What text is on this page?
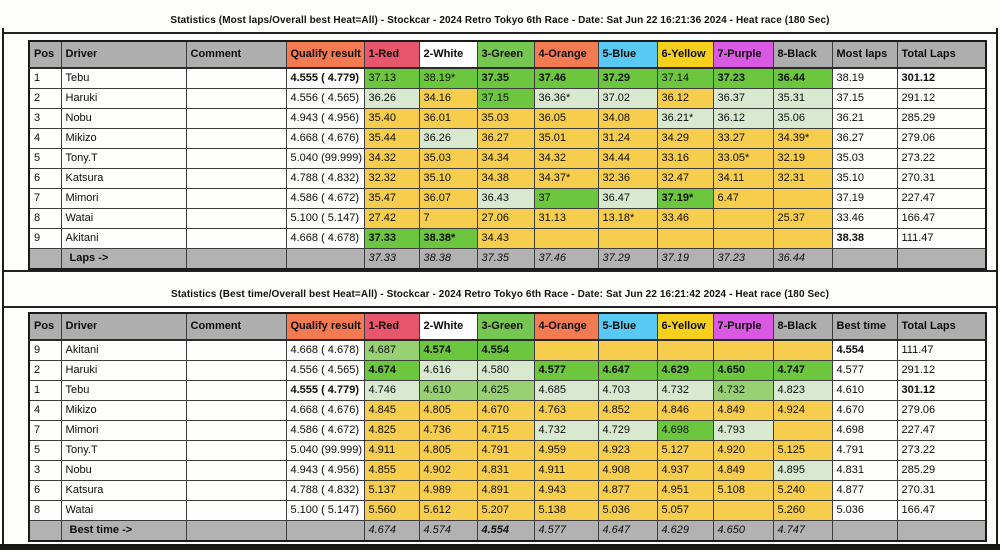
Statistics (Most laps/Overall best Heat=All) - Stockcar - 2024 Retro Tokyo 6th Race - Date: Sat Jun 22 16:21:36 2024 - Heat race (180 Sec)
Pos	Driver	Comment	Qualify result	1-Red	2-White	3-Green	4-Orange	5-Blue	6-Yellow	7-Purple	8-Black	Most laps	Total Laps
1	Tebu		4.555 ( 4.779)	37.13	38.19*	37.35	37.46	37.29	37.14	37.23	36.44	38.19	301.12
2	Haruki		4.556 ( 4.565)	36.26	34.16	37.15	36.36*	37.02	36.12	36.37	35.31	37.15	291.12
3	Nobu		4.943 ( 4.956)	35.40	36.01	35.03	36.05	34.08	36.21*	36.12	35.06	36.21	285.29
4	Mikizo		4.668 ( 4.676)	35.44	36.26	36.27	35.01	31.24	34.29	33.27	34.39*	36.27	279.06
5	Tony.T		5.040 (99.999)	34.32	35.03	34.34	34.32	34.44	33.16	33.05*	32.19	35.03	273.22
6	Katsura		4.788 ( 4.832)	32.32	35.10	34.38	34.37*	32.36	32.47	34.11	32.31	35.10	270.31
7	Mimori		4.586 ( 4.672)	35.47	36.07	36.43	37	36.47	37.19*	6.47		37.19	227.47
8	Watai		5.100 ( 5.147)	27.42	7	27.06	31.13	13.18*	33.46		25.37	33.46	166.47
9	Akitani		4.668 ( 4.678)	37.33	38.38*	34.43						38.38	111.47
	Laps ->			37.33	38.38	37.35	37.46	37.29	37.19	37.23	36.44		
Statistics (Best time/Overall best Heat=All) - Stockcar - 2024 Retro Tokyo 6th Race - Date: Sat Jun 22 16:21:42 2024 - Heat race (180 Sec)
Pos	Driver	Comment	Qualify result	1-Red	2-White	3-Green	4-Orange	5-Blue	6-Yellow	7-Purple	8-Black	Best time	Total Laps
9	Akitani		4.668 ( 4.678)	4.687	4.574	4.554						4.554	111.47
2	Haruki		4.556 ( 4.565)	4.674	4.616	4.580	4.577	4.647	4.629	4.650	4.747	4.577	291.12
1	Tebu		4.555 ( 4.779)	4.746	4.610	4.625	4.685	4.703	4.732	4.732	4.823	4.610	301.12
4	Mikizo		4.668 ( 4.676)	4.845	4.805	4.670	4.763	4.852	4.846	4.849	4.924	4.670	279.06
7	Mimori		4.586 ( 4.672)	4.825	4.736	4.715	4.732	4.729	4.698	4.793		4.698	227.47
5	Tony.T		5.040 (99.999)	4.911	4.805	4.791	4.959	4.923	5.127	4.920	5.125	4.791	273.22
3	Nobu		4.943 ( 4.956)	4.855	4.902	4.831	4.911	4.908	4.937	4.849	4.895	4.831	285.29
6	Katsura		4.788 ( 4.832)	5.137	4.989	4.891	4.943	4.877	4.951	5.108	5.240	4.877	270.31
8	Watai		5.100 ( 5.147)	5.560	5.612	5.207	5.138	5.036	5.057		5.260	5.036	166.47
	Best time ->			4.674	4.574	4.554	4.577	4.647	4.629	4.650	4.747		
